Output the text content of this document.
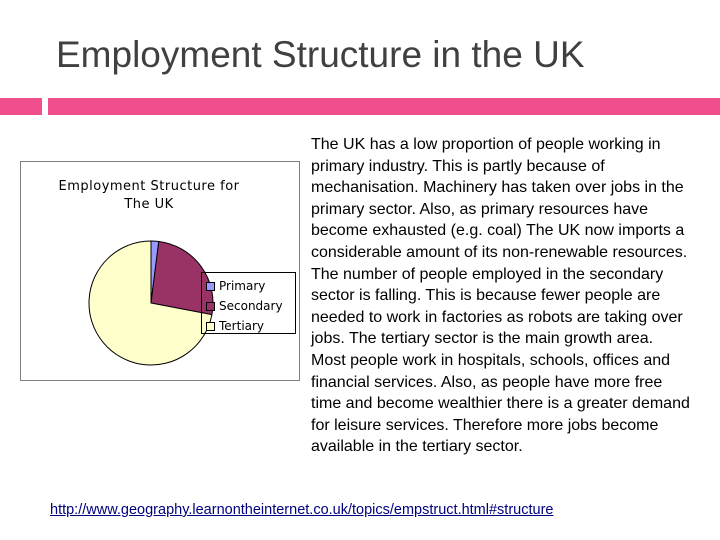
Employment Structure in the UK
Employment Structure for The UK
Primary
Secondary
Tertiary
The UK has a low proportion of people working in primary industry. This is partly because of mechanisation. Machinery has taken over jobs in the primary sector. Also, as primary resources have become exhausted (e.g. coal) The UK now imports a considerable amount of its non-renewable resources. The number of people employed in the secondary sector is falling. This is because fewer people are needed to work in factories as robots are taking over jobs. The tertiary sector is the main growth area. Most people work in hospitals, schools, offices and financial services. Also, as people have more free time and become wealthier there is a greater demand for leisure services. Therefore more jobs become available in the tertiary sector.
http://www.geography.learnontheinternet.co.uk/topics/empstruct.html#structure
